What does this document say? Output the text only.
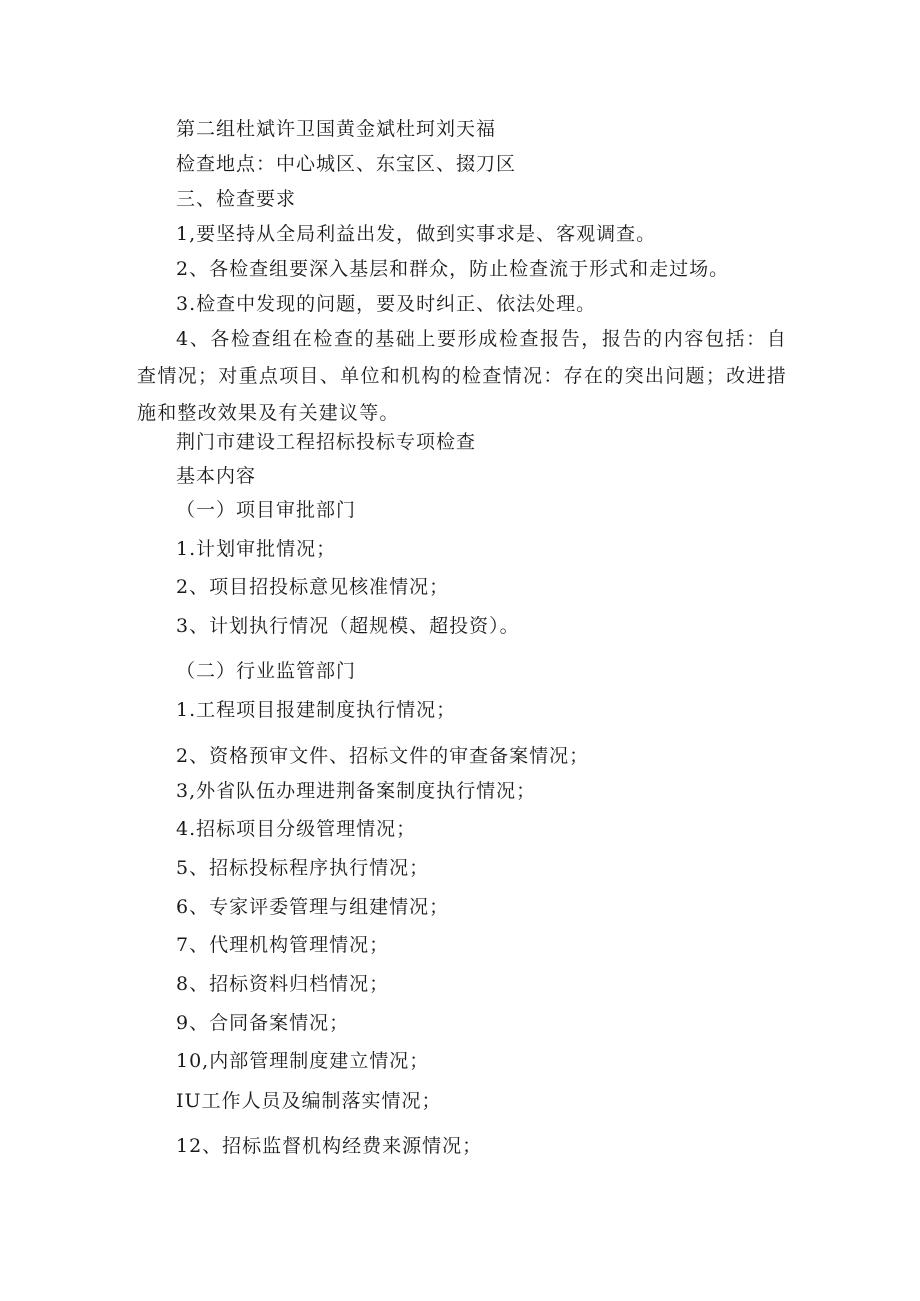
第二组杜斌许卫国黄金斌杜珂刘天福
检查地点：中心城区、东宝区、掇刀区
三、检查要求
1,要坚持从全局利益出发，做到实事求是、客观调查。
2、各检查组要深入基层和群众，防止检查流于形式和走过场。
3.检查中发现的问题，要及时纠正、依法处理。
4、各检查组在检查的基础上要形成检查报告，报告的内容包括：自查情况；对重点项目、单位和机构的检查情况：存在的突出问题；改进措施和整改效果及有关建议等。
荆门市建设工程招标投标专项检查
基本内容
（一）项目审批部门
1.计划审批情况；
2、项目招投标意见核准情况；
3、计划执行情况（超规模、超投资）。
（二）行业监管部门
1.工程项目报建制度执行情况；
2、资格预审文件、招标文件的审查备案情况；
3,外省队伍办理进荆备案制度执行情况；
4.招标项目分级管理情况；
5、招标投标程序执行情况；
6、专家评委管理与组建情况；
7、代理机构管理情况；
8、招标资料归档情况；
9、合同备案情况；
10,内部管理制度建立情况；
IU工作人员及编制落实情况；
12、招标监督机构经费来源情况；
